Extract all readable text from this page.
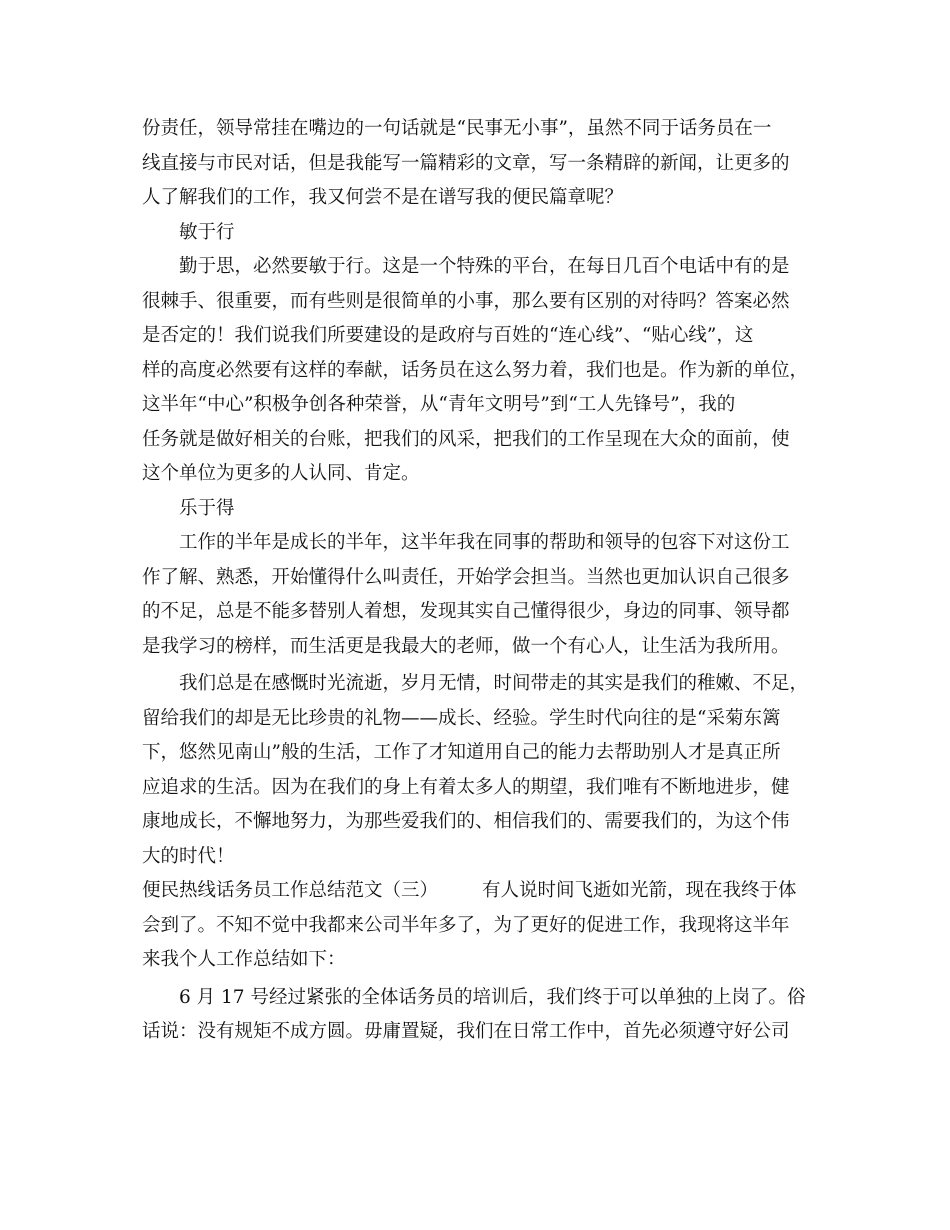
份责任，领导常挂在嘴边的一句话就是“民事无小事”，虽然不同于话务员在一
线直接与市民对话，但是我能写一篇精彩的文章，写一条精辟的新闻，让更多的
人了解我们的工作，我又何尝不是在谱写我的便民篇章呢？
敏于行
勤于思，必然要敏于行。这是一个特殊的平台，在每日几百个电话中有的是
很棘手、很重要，而有些则是很简单的小事，那么要有区别的对待吗？答案必然
是否定的！我们说我们所要建设的是政府与百姓的“连心线”、“贴心线”，这
样的高度必然要有这样的奉献，话务员在这么努力着，我们也是。作为新的单位，
这半年“中心”积极争创各种荣誉，从“青年文明号”到“工人先锋号”，我的
任务就是做好相关的台账，把我们的风采，把我们的工作呈现在大众的面前，使
这个单位为更多的人认同、肯定。
乐于得
工作的半年是成长的半年，这半年我在同事的帮助和领导的包容下对这份工
作了解、熟悉，开始懂得什么叫责任，开始学会担当。当然也更加认识自己很多
的不足，总是不能多替别人着想，发现其实自己懂得很少，身边的同事、领导都
是我学习的榜样，而生活更是我最大的老师，做一个有心人，让生活为我所用。
我们总是在感慨时光流逝，岁月无情，时间带走的其实是我们的稚嫩、不足，
留给我们的却是无比珍贵的礼物——成长、经验。学生时代向往的是“采菊东篱
下，悠然见南山”般的生活，工作了才知道用自己的能力去帮助别人才是真正所
应追求的生活。因为在我们的身上有着太多人的期望，我们唯有不断地进步，健
康地成长，不懈地努力，为那些爱我们的、相信我们的、需要我们的，为这个伟
大的时代！
便民热线话务员工作总结范文（三） 有人说时间飞逝如光箭，现在我终于体
会到了。不知不觉中我都来公司半年多了，为了更好的促进工作，我现将这半年
来我个人工作总结如下：
6 月 17 号经过紧张的全体话务员的培训后，我们终于可以单独的上岗了。俗
话说：没有规矩不成方圆。毋庸置疑，我们在日常工作中，首先必须遵守好公司
